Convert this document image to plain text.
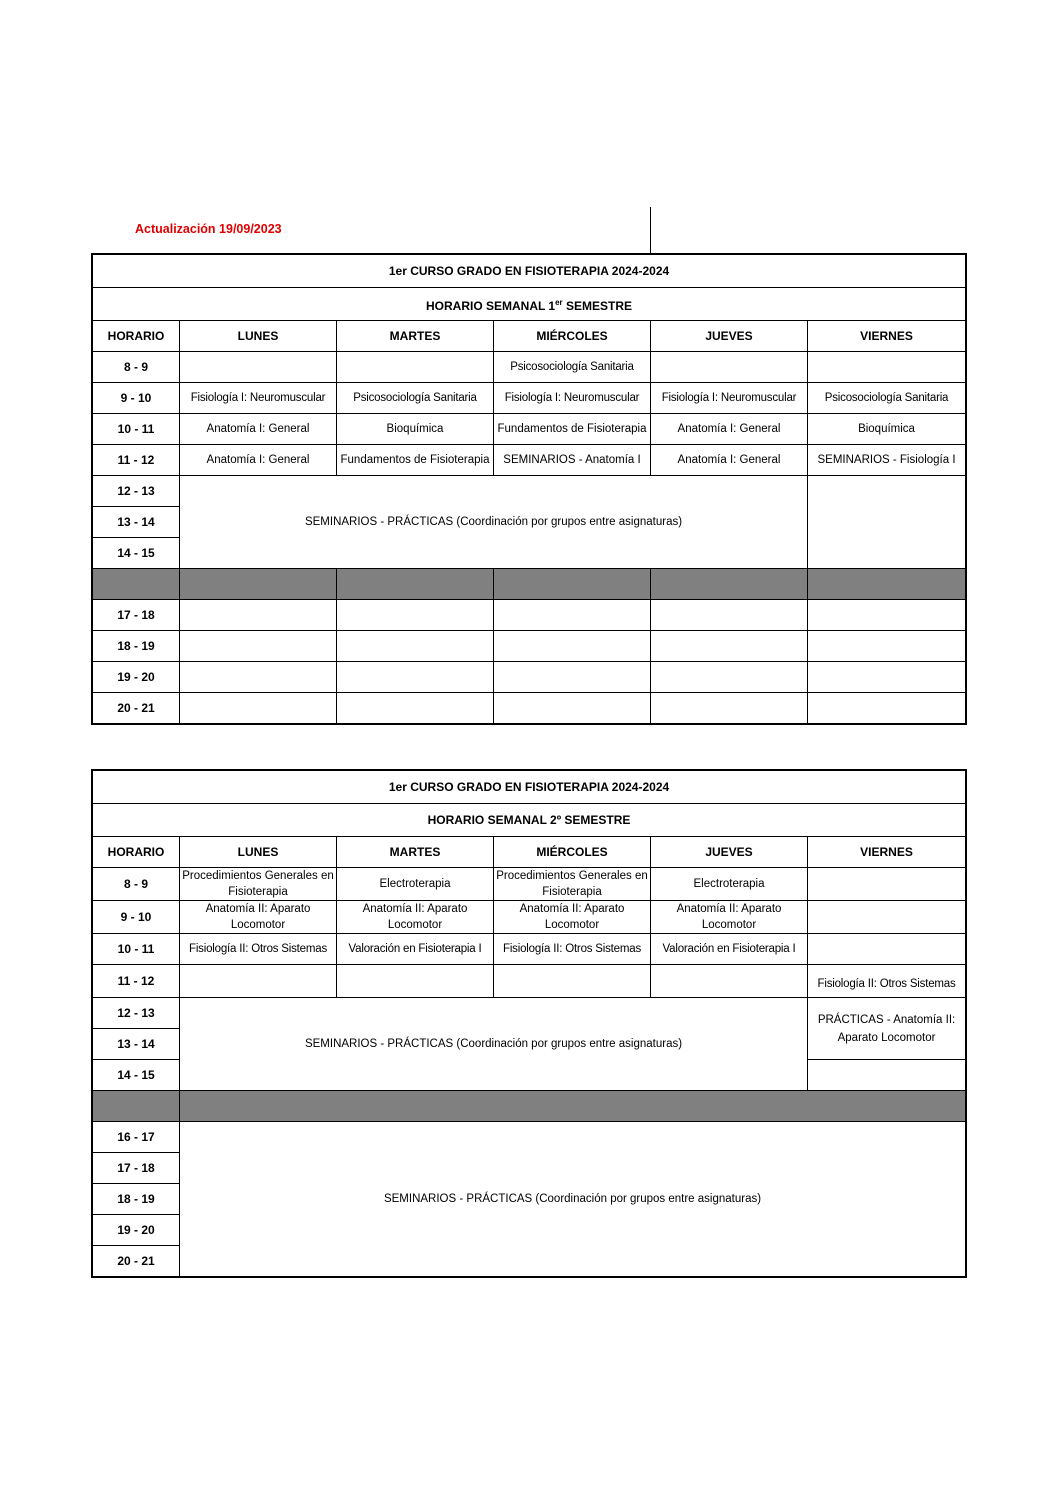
Actualización 19/09/2023
1er CURSO GRADO EN FISIOTERAPIA 2024-2024					
HORARIO SEMANAL 1er SEMESTRE					
HORARIO	LUNES	MARTES	MIÉRCOLES	JUEVES	VIERNES
8 - 9			Psicosociología Sanitaria		
9 - 10	Fisiología I: Neuromuscular	Psicosociología Sanitaria	Fisiología I: Neuromuscular	Fisiología I: Neuromuscular	Psicosociología Sanitaria
10 - 11	Anatomía I: General	Bioquímica	Fundamentos de Fisioterapia	Anatomía I: General	Bioquímica
11 - 12	Anatomía I: General	Fundamentos de Fisioterapia	SEMINARIOS - Anatomía I	Anatomía I: General	SEMINARIOS - Fisiología I
12 - 13	SEMINARIOS - PRÁCTICAS (Coordinación por grupos entre asignaturas)				
13 - 14					
14 - 15					

17 - 18					
18 - 19					
19 - 20					
20 - 21					
1er CURSO GRADO EN FISIOTERAPIA 2024-2024					
HORARIO SEMANAL 2º SEMESTRE					
HORARIO	LUNES	MARTES	MIÉRCOLES	JUEVES	VIERNES
8 - 9	Procedimientos Generales en Fisioterapia	Electroterapia	Procedimientos Generales en Fisioterapia	Electroterapia	
9 - 10	Anatomía II: Aparato Locomotor	Anatomía II: Aparato Locomotor	Anatomía II: Aparato Locomotor	Anatomía II: Aparato Locomotor	
10 - 11	Fisiología II: Otros Sistemas	Valoración en Fisioterapia I	Fisiología II: Otros Sistemas	Valoración en Fisioterapia I	
11 - 12					Fisiología II: Otros Sistemas
12 - 13	SEMINARIOS - PRÁCTICAS (Coordinación por grupos entre asignaturas)				PRÁCTICAS - Anatomía II: Aparato Locomotor
13 - 14					
14 - 15					

16 - 17	SEMINARIOS - PRÁCTICAS (Coordinación por grupos entre asignaturas)				
17 - 18					
18 - 19					
19 - 20					
20 - 21					
